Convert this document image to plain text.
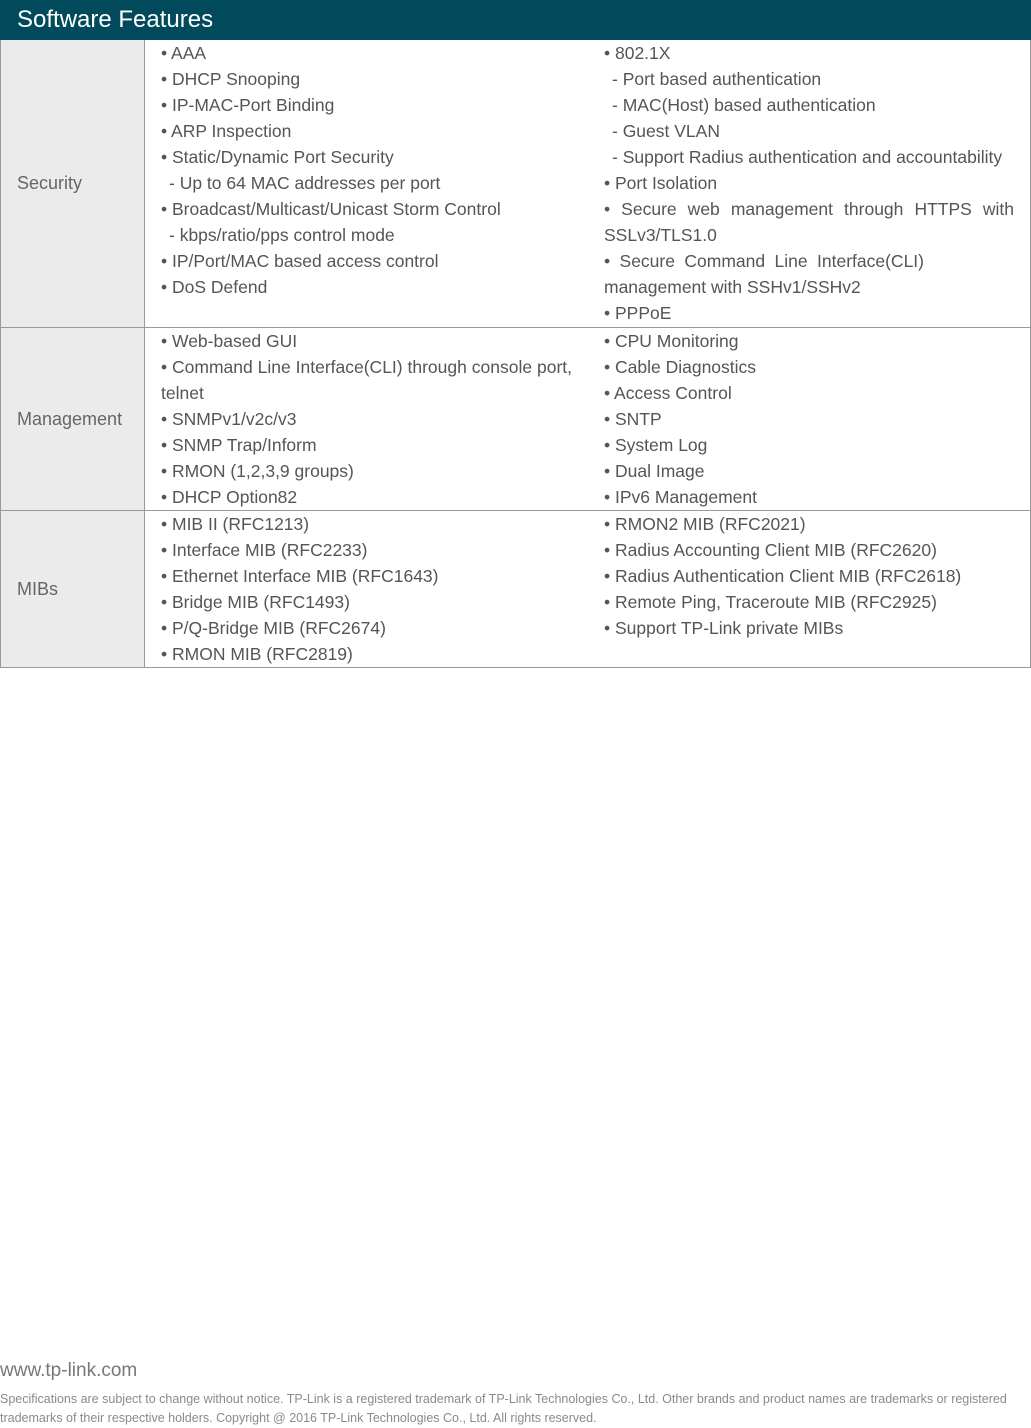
Software Features
Security
• AAA
• DHCP Snooping
• IP-MAC-Port Binding
• ARP Inspection
• Static/Dynamic Port Security
- Up to 64 MAC addresses per port
• Broadcast/Multicast/Unicast Storm Control
- kbps/ratio/pps control mode
• IP/Port/MAC based access control
• DoS Defend
• 802.1X
- Port based authentication
- MAC(Host) based authentication
- Guest VLAN
- Support Radius authentication and accountability
• Port Isolation
• Secure web management through HTTPS with SSLv3/TLS1.0
• Secure Command Line Interface(CLI) management with SSHv1/SSHv2
• PPPoE
Management
• Web-based GUI
• Command Line Interface(CLI) through console port, telnet
• SNMPv1/v2c/v3
• SNMP Trap/Inform
• RMON (1,2,3,9 groups)
• DHCP Option82
• CPU Monitoring
• Cable Diagnostics
• Access Control
• SNTP
• System Log
• Dual Image
• IPv6 Management
MIBs
• MIB II (RFC1213)
• Interface MIB (RFC2233)
• Ethernet Interface MIB (RFC1643)
• Bridge MIB (RFC1493)
• P/Q-Bridge MIB (RFC2674)
• RMON MIB (RFC2819)
• RMON2 MIB (RFC2021)
• Radius Accounting Client MIB (RFC2620)
• Radius Authentication Client MIB (RFC2618)
• Remote Ping, Traceroute MIB (RFC2925)
• Support TP-Link private MIBs
www.tp-link.com
Specifications are subject to change without notice. TP-Link is a registered trademark of TP-Link Technologies Co., Ltd. Other brands and product names are trademarks or registered trademarks of their respective holders. Copyright @ 2016 TP-Link Technologies Co., Ltd. All rights reserved.
